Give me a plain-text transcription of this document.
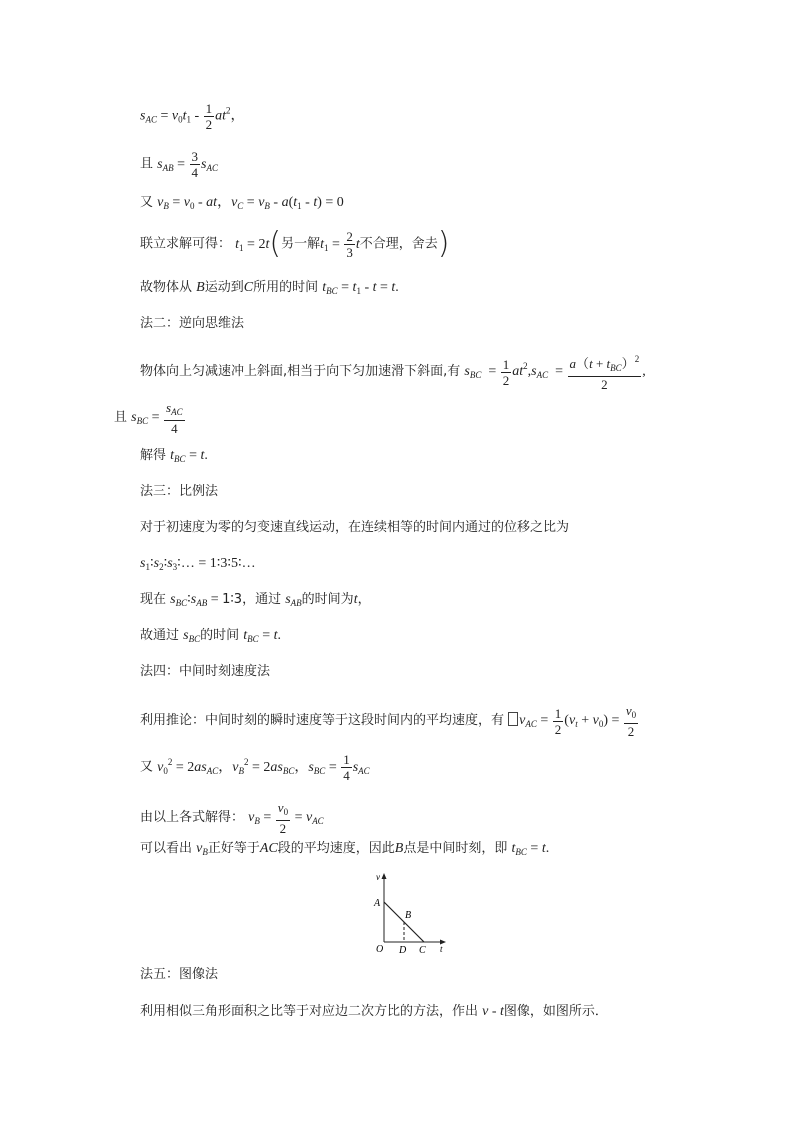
$s_{AC} = v_0t_1 - \frac{1}{2} at^2$，
且 $s_{AB} = \frac{3}{4} s_{AC}$
又 $v_B = v_0$ - at，$v_C = v_B - a(t_1 - t) = 0$
联立求解可得： $t_1 = 2t$(另一解$t_1 = \frac{2}{3}$ t不合理，舍去)
故物体从 B运动到C所用的时间 $t_{BC} = t_1 - t = t$.
法二：逆向思维法
物体向上匀减速冲上斜面,相当于向下匀加速滑下斜面,有 $s_{BC} = \frac{1}{2} at^2,s_{AC} = \frac{a(t + t_{BC})^2}{2}$ ,
且 $s_{BC} = \frac{s_{AC}}{4}$
解得 $t_{BC} = t$.
法三：比例法
对于初速度为零的匀变速直线运动，在连续相等的时间内通过的位移之比为
$s_1∶s_2∶s_3∶\dots$ = 1∶3∶5∶…
现在 $s_{BC}∶s_{AB}$ = 1∶3，通过 $s_{AB}$的时间为t，
故通过 $s_{BC}$的时间 $t_{BC} = t$.
法四：中间时刻速度法
利用推论：中间时刻的瞬时速度等于这段时间内的平均速度，有 $v_{AC} = \frac{1}{2} (v_t + v_0) = \frac{v_0}{2}$
又 $v_0^2 = 2as_{AC}$，$v_B^2 = 2as_{BC}$，$s_{BC} = \frac{1}{4} s_{AC}$
由以上各式解得： $v_B = \frac{v_0}{2} = v_{AC}$
可以看出 $v_B$正好等于AC段的平均速度，因此B点是中间时刻，即 $t_{BC} = t$.
v
t
O
A
B
D C
法五：图像法
利用相似三角形面积之比等于对应边二次方比的方法，作出 v - t图像，如图所示．
